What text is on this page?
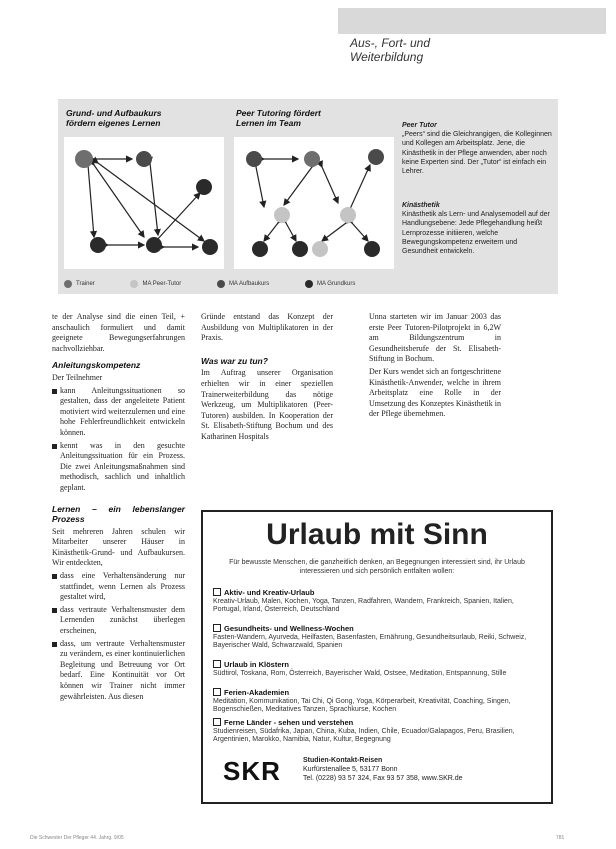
Aus-, Fort- und
Weiterbildung
Grund- und Aufbaukurs
fördern eigenes Lernen
Peer Tutoring fördert
Lernen im Team	Peer Tutor
„Peers“ sind die Gleichrangigen, die Kolleginnen und Kollegen am Arbeitsplatz. Jene, die Kinästhetik in der Pflege anwenden, aber noch keine Experten sind. Der „Tutor“ ist einfach ein Lehrer.
Kinästhetik
Kinästhetik als Lern- und Analysemodell auf der Handlungsebene: Jede Pflegehandlung heißt Lernprozesse initiieren, welche Bewegungskompetenz erweitern und Gesundheit entwickeln.
Trainer
	MA Peer-Tutor
	MA Aufbaukurs
	MA Grundkurs

te der Analyse sind die einen Teil, + anschaulich formuliert und damit geeignete Bewegungserfahrungen nachvollziehbar.

Anleitungskompetenz

Der Teilnehmer

kann Anleitungssituationen so gestalten, dass der angeleitete Patient motiviert wird weiterzulernen und eine hohe Fehlerfreundlichkeit entwickeln können.

kennt was in den gesuchte Anleitungssituation für ein Prozess. Die zwei Anleitungsmaßnahmen sind methodisch, sachlich und inhaltlich geplant.

Lernen – ein lebenslanger Prozess

Seit mehreren Jahren schulen wir Mitarbeiter unserer Häuser in Kinästhetik-Grund- und Aufbaukursen. Wir entdeckten,

dass eine Verhaltensänderung nur stattfindet, wenn Lernen als Prozess gestaltet wird,

dass vertraute Verhaltensmuster dem Lernenden zunächst überlegen erscheinen,

dass, um vertraute Verhaltensmuster zu verändern, es einer kontinuierlichen Begleitung und Betreuung vor Ort bedarf. Eine Kontinuität vor Ort können wir Trainer nicht immer gewährleisten. Aus diesen

Gründe entstand das Konzept der Ausbildung von Multiplikatoren in der Praxis.

Was war zu tun?

Im Auftrag unserer Organisation erhielten wir in einer speziellen Trainerweiterbildung das nötige Werkzeug, um Multiplikatoren (Peer-Tutoren) ausbilden. In Kooperation der St. Elisabeth-Stiftung Bochum und des Katharinen Hospitals

Unna starteten wir im Januar 2003 das erste Peer Tutoren-Pilotprojekt in 6,2W am Bildungszentrum in Gesundheitsberufe der St. Elisabeth-Stiftung in Bochum.

Der Kurs wendet sich an fortgeschrittene Kinästhetik-Anwender, welche in ihrem Arbeitsplatz eine Rolle in der Umsetzung des Konzeptes Kinästhetik in der Pflege übernehmen.

Urlaub mit Sinn
Für bewusste Menschen, die ganzheitlich denken, an Begegnungen interessiert sind, ihr Urlaub interessieren und sich persönlich entfalten wollen:
Aktiv- und Kreativ-Urlaub
Kreativ-Urlaub, Malen, Kochen, Yoga, Tanzen, Radfahren, Wandern, Frankreich, Spanien, Italien, Portugal, Irland, Österreich, Deutschland
Gesundheits- und Wellness-Wochen
Fasten-Wandern, Ayurveda, Heilfasten, Basenfasten, Ernährung, Gesundheitsurlaub, Reiki, Schweiz, Bayerischer Wald, Schwarzwald, Spanien
Urlaub in Klöstern
Südtirol, Toskana, Rom, Österreich, Bayerischer Wald, Ostsee, Meditation, Entspannung, Stille
Ferien-Akademien
Meditation, Kommunikation, Tai Chi, Qi Gong, Yoga, Körperarbeit, Kreativität, Coaching, Singen, Bogenschießen, Meditatives Tanzen, Sprachkurse, Kochen
Ferne Länder - sehen und verstehen
Studienreisen, Südafrika, Japan, China, Kuba, Indien, Chile, Ecuador/Galapagos, Peru, Brasilien, Argentinien, Marokko, Namibia, Natur, Kultur, Begegnung
SKR	Studien-Kontakt-Reisen
Kurfürstenallee 5, 53177 Bonn
Tel. (0228) 93 57 324, Fax 93 57 358, www.SKR.de
Die Schwester Der Pfleger 44. Jahrg. 9/05	781
